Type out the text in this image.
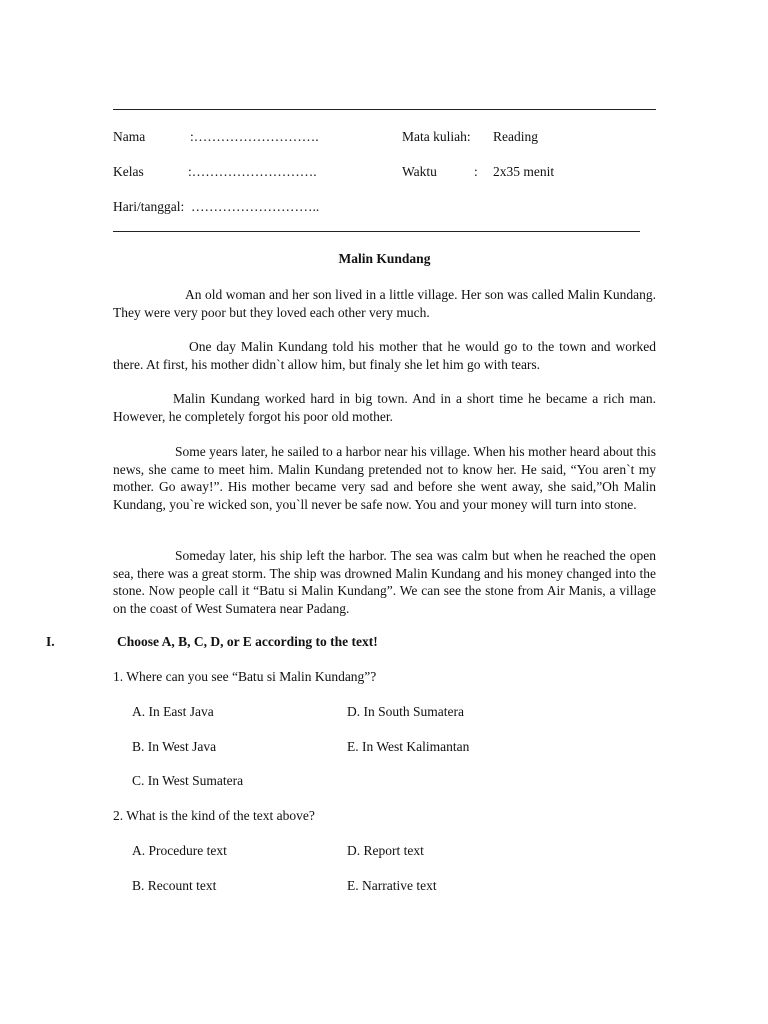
Nama	:……………………….	Mata kuliah: Reading
Kelas	:……………………….	Waktu	: 2x35 menit
Hari/tanggal: ………………………..
Malin Kundang

An old woman and her son lived in a little village. Her son was called Malin Kundang. They were very poor but they loved each other very much.

One day Malin Kundang told his mother that he would go to the town and worked there. At first, his mother didn`t allow him, but finaly she let him go with tears.

Malin Kundang worked hard in big town. And in a short time he became a rich man. However, he completely forgot his poor old mother.

Some years later, he sailed to a harbor near his village. When his mother heard about this news, she came to meet him. Malin Kundang pretended not to know her. He said, “You aren`t my mother. Go away!”. His mother became very sad and before she went away, she said,”Oh Malin Kundang, you`re wicked son, you`ll never be safe now. You and your money will turn into stone.

Someday later, his ship left the harbor. The sea was calm but when he reached the open sea, there was a great storm. The ship was drowned Malin Kundang and his money changed into the stone. Now people call it “Batu si Malin Kundang”. We can see the stone from Air Manis, a village on the coast of West Sumatera near Padang.

I.	Choose A, B, C, D, or E according to the text!
1. Where can you see “Batu si Malin Kundang”?
A. In East Java	D. In South Sumatera
B. In West Java	E. In West Kalimantan
C. In West Sumatera
2. What is the kind of the text above?
A. Procedure text	D. Report text
B. Recount text	E. Narrative text
